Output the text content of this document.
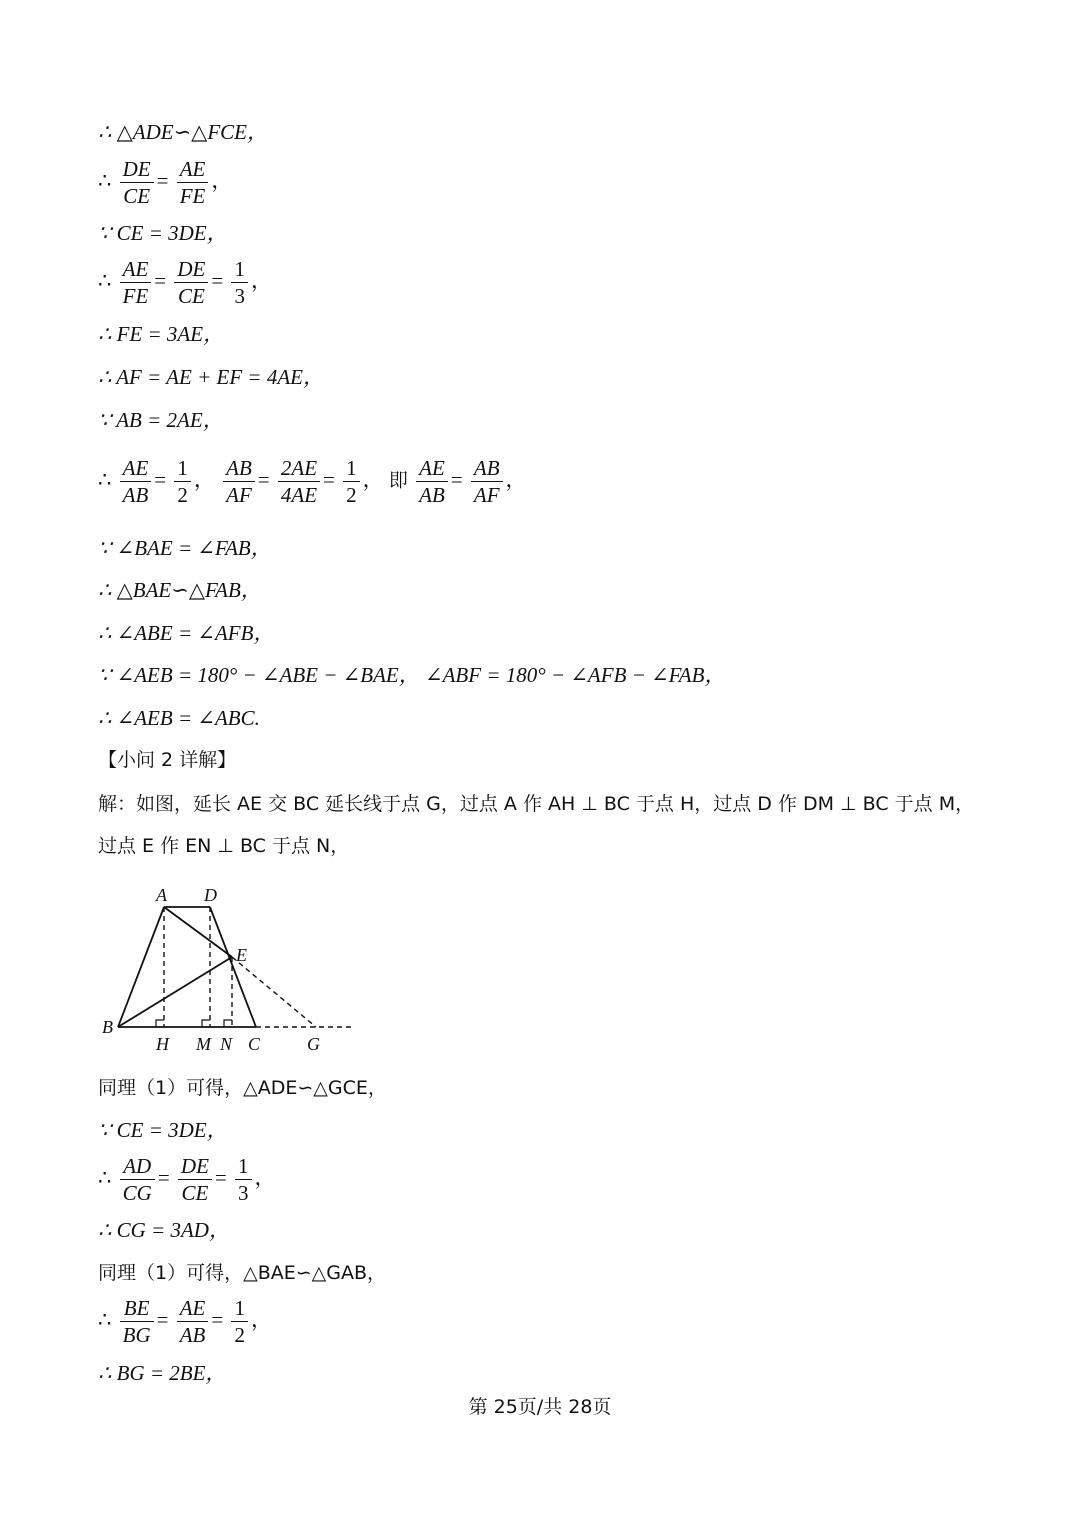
∴ △ADE∽△FCE，
∴ $\frac{DE}{CE} = \frac{AE}{FE}$ ，
∵ CE = 3DE，
∴ $\frac{AE}{FE} = \frac{DE}{CE} = \frac{1}{3}$ ，
∴ FE = 3AE，
∴ AF = AE + EF = 4AE，
∵ AB = 2AE，
∴ $\frac{AE}{AB} = \frac{1}{2}$ ， $\frac{AB}{AF} = \frac{2AE}{4AE} = \frac{1}{2}$ ， 即 $\frac{AE}{AB} = \frac{AB}{AF}$ ，
∵ ∠BAE = ∠FAB，
∴ △BAE∽△FAB，
∴ ∠ABE = ∠AFB，
∵ ∠AEB = 180° − ∠ABE − ∠BAE， ∠ABF = 180° − ∠AFB − ∠FAB，
∴ ∠AEB = ∠ABC.
【小问 2 详解】
解：如图，延长 AE 交 BC 延长线于点 G，过点 A 作 AH ⊥ BC 于点 H，过点 D 作 DM ⊥ BC 于点 M，
过点 E 作 EN ⊥ BC 于点 N，
A D
E
B
H M N C	G
同理（1）可得，△ADE∽△GCE，
∵ CE = 3DE，
∴ $\frac{AD}{CG} = \frac{DE}{CE} = \frac{1}{3}$ ，
∴ CG = 3AD，
同理（1）可得，△BAE∽△GAB，
∴ $\frac{BE}{BG} = \frac{AE}{AB} = \frac{1}{2}$ ，
∴ BG = 2BE，
第 25页/共 28页
